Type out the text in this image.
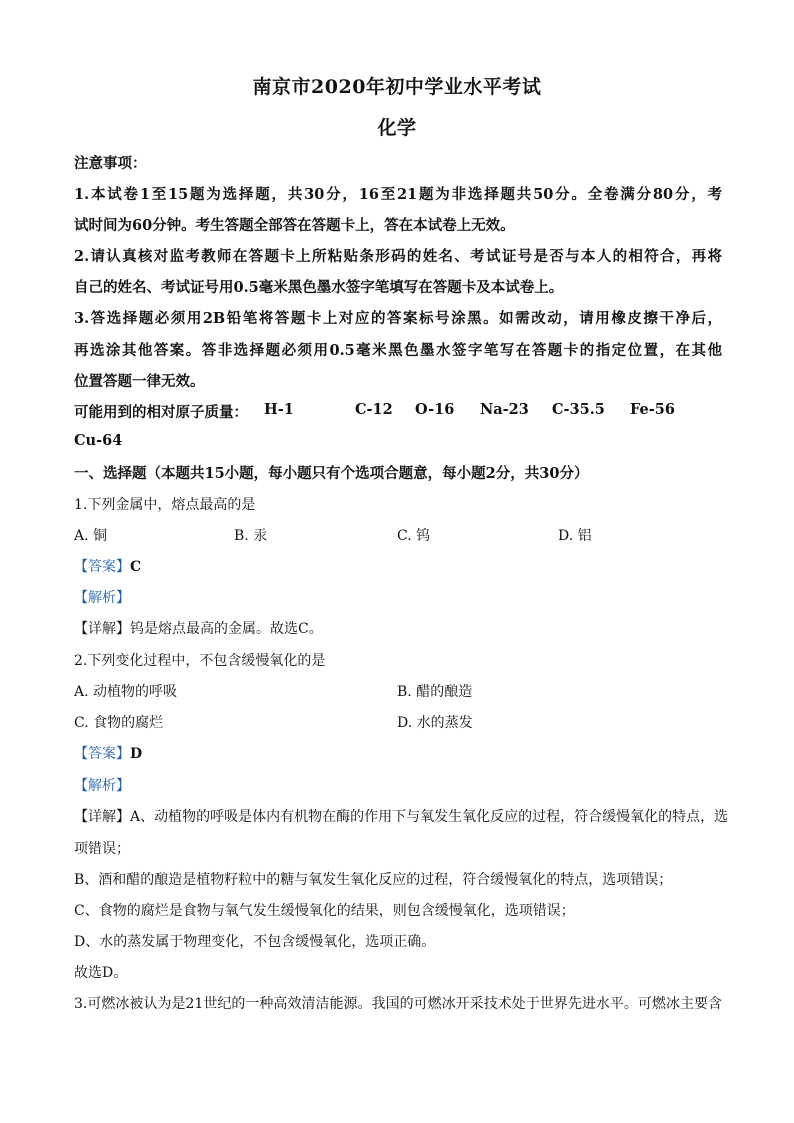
南京市2020年初中学业水平考试
化学
注意事项：
1.本试卷1至15题为选择题，共30分，16至21题为非选择题共50分。全卷满分80分，考
试时间为60分钟。考生答题全部答在答题卡上，答在本试卷上无效。
2.请认真核对监考教师在答题卡上所粘贴条形码的姓名、考试证号是否与本人的相符合，再将
自己的姓名、考试证号用0.5毫米黑色墨水签字笔填写在答题卡及本试卷上。
3.答选择题必须用2B铅笔将答题卡上对应的答案标号涂黑。如需改动，请用橡皮擦干净后，
再选涂其他答案。答非选择题必须用0.5毫米黑色墨水签字笔写在答题卡的指定位置，在其他
位置答题一律无效。
可能用到的相对原子质量： H-1	C-12 O-16 Na-23 C-35.5 Fe-56
Cu-64
一、选择题（本题共15小题，每小题只有个选项合题意，每小题2分，共30分）
1.下列金属中，熔点最高的是
A. 铜	B. 汞	C. 钨	D. 铝
【答案】C
【解析】
【详解】钨是熔点最高的金属。故选C。
2.下列变化过程中，不包含缓慢氧化的是
A. 动植物的呼吸	B. 醋的酿造
C. 食物的腐烂	D. 水的蒸发
【答案】D
【解析】
【详解】A、动植物的呼吸是体内有机物在酶的作用下与氧发生氧化反应的过程，符合缓慢氧化的特点，选
项错误；
B、酒和醋的酿造是植物籽粒中的糖与氧发生氧化反应的过程，符合缓慢氧化的特点，选项错误；
C、食物的腐烂是食物与氧气发生缓慢氧化的结果，则包含缓慢氧化，选项错误；
D、水的蒸发属于物理变化，不包含缓慢氧化，选项正确。
故选D。
3.可燃冰被认为是21世纪的一种高效清洁能源。我国的可燃冰开采技术处于世界先进水平。可燃冰主要含
